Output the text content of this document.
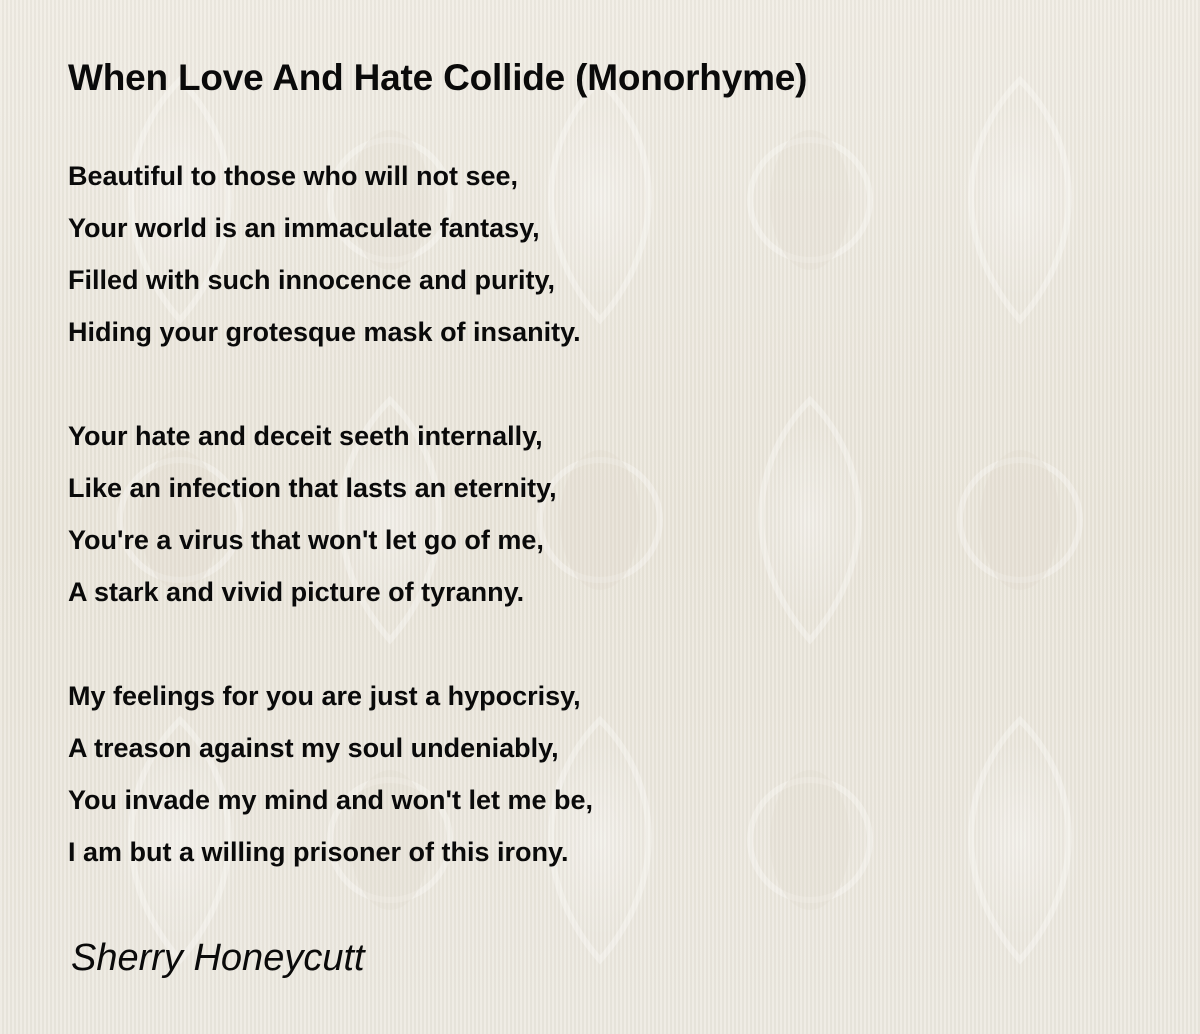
When Love And Hate Collide (Monorhyme)
Beautiful to those who will not see,
Your world is an immaculate fantasy,
Filled with such innocence and purity,
Hiding your grotesque mask of insanity.
Your hate and deceit seeth internally,
Like an infection that lasts an eternity,
You're a virus that won't let go of me,
A stark and vivid picture of tyranny.
My feelings for you are just a hypocrisy,
A treason against my soul undeniably,
You invade my mind and won't let me be,
I am but a willing prisoner of this irony.

Sherry Honeycutt
